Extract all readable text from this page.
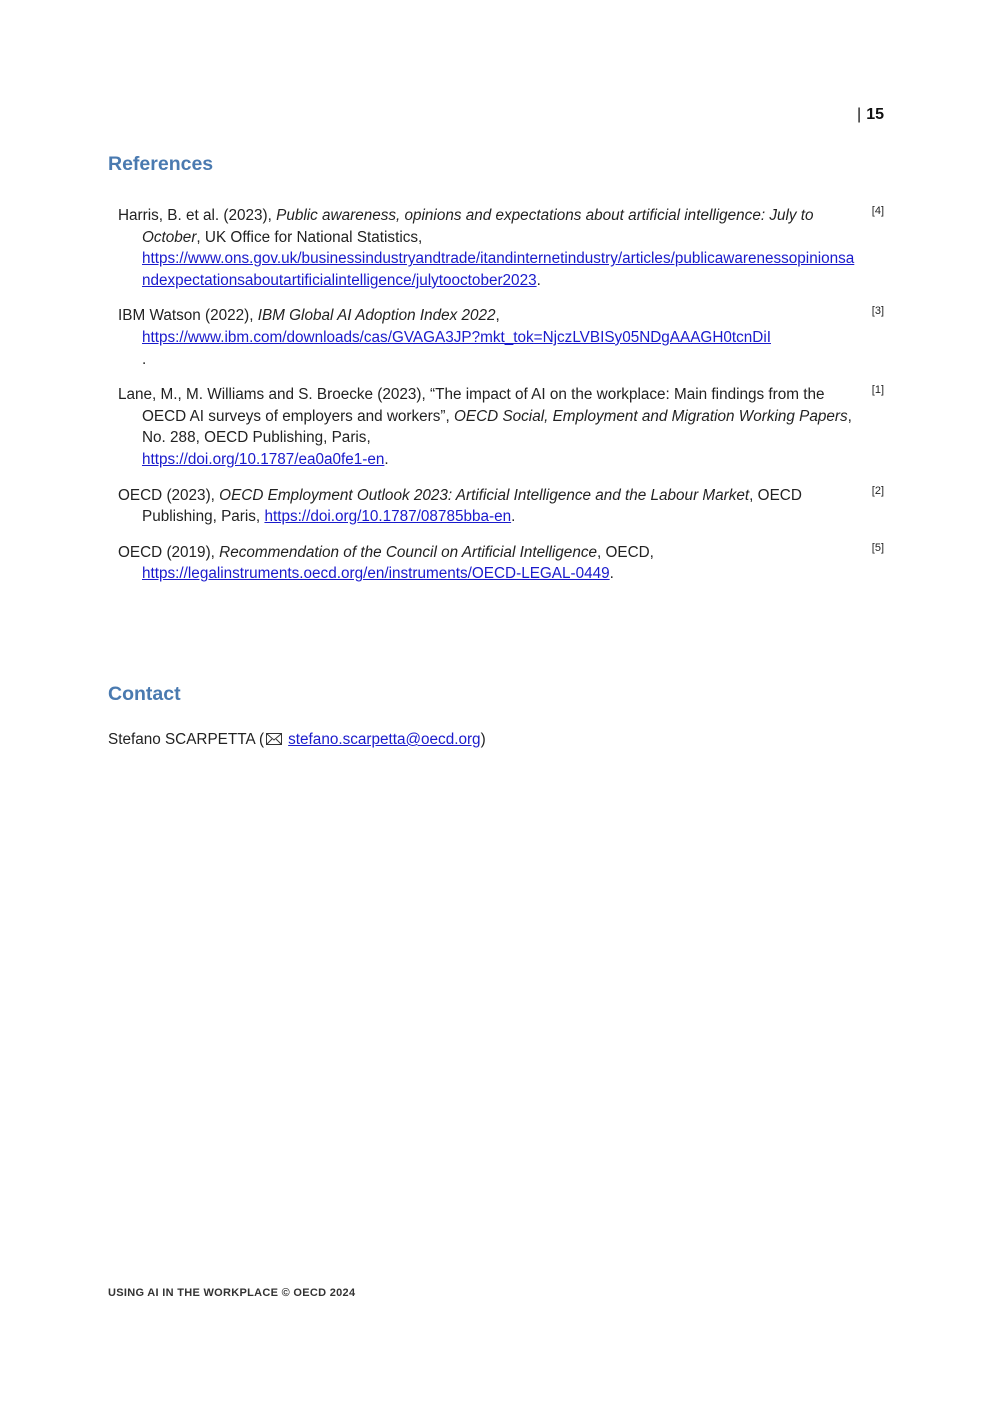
| 15
References
Harris, B. et al. (2023), Public awareness, opinions and expectations about artificial intelligence: July to October, UK Office for National Statistics,
https://www.ons.gov.uk/businessindustryandtrade/itandinternetindustry/articles/publicawarenessopinionsandexpectationsaboutartificialintelligence/julytooctober2023.
[4]
IBM Watson (2022), IBM Global AI Adoption Index 2022,
https://www.ibm.com/downloads/cas/GVAGA3JP?mkt_tok=NjczLVBISy05NDgAAAGH0tcnDiI
.
[3]
Lane, M., M. Williams and S. Broecke (2023), “The impact of AI on the workplace: Main findings from the OECD AI surveys of employers and workers”, OECD Social, Employment and Migration Working Papers, No. 288, OECD Publishing, Paris,
https://doi.org/10.1787/ea0a0fe1-en.
[1]
OECD (2023), OECD Employment Outlook 2023: Artificial Intelligence and the Labour Market, OECD Publishing, Paris, https://doi.org/10.1787/08785bba-en.
[2]
OECD (2019), Recommendation of the Council on Artificial Intelligence, OECD,
https://legalinstruments.oecd.org/en/instruments/OECD-LEGAL-0449.
[5]
Contact
Stefano SCARPETTA ( stefano.scarpetta@oecd.org)
USING AI IN THE WORKPLACE © OECD 2024
